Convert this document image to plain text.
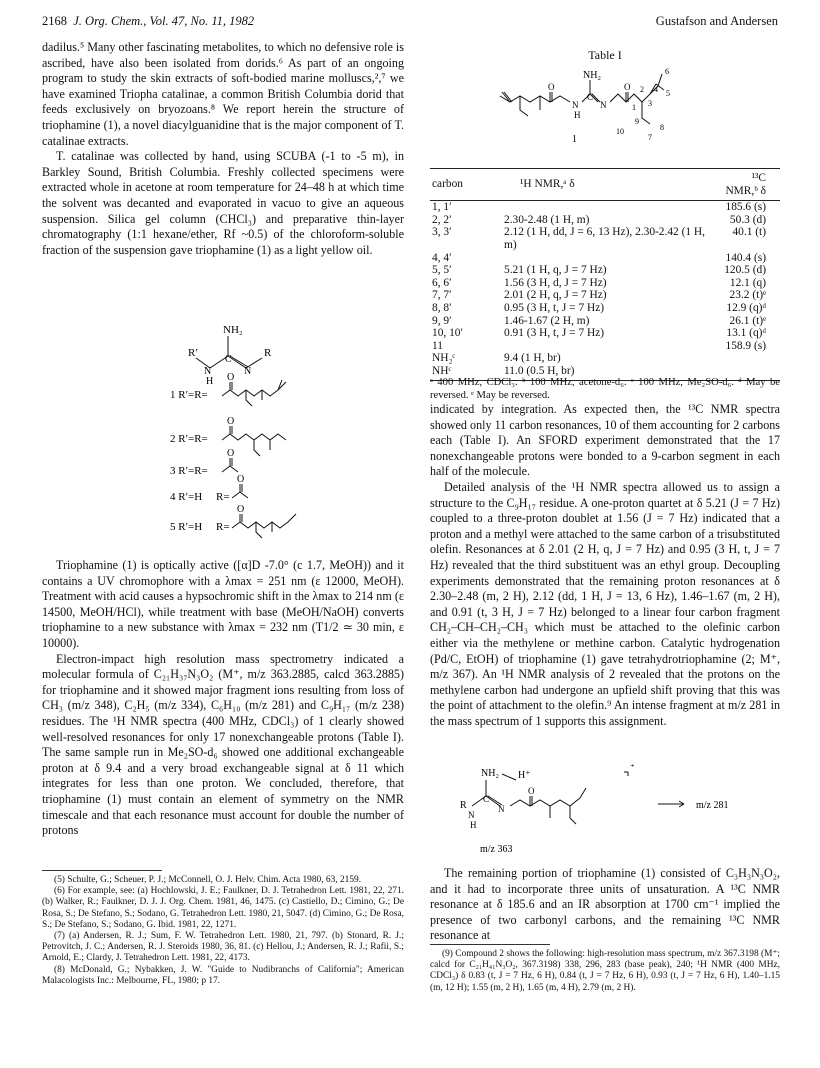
2168 J. Org. Chem., Vol. 47, No. 11, 1982	Gustafson and Andersen

dadilus.⁵ Many other fascinating metabolites, to which no defensive role is ascribed, have also been isolated from dorids.⁶ As part of an ongoing program to study the skin extracts of soft-bodied marine molluscs,²,⁷ we have examined Triopha catalinae, a common British Columbia dorid that feeds exclusively on bryozoans.⁸ We report herein the structure of triophamine (1), a novel diacylguanidine that is the major component of T. catalinae extracts.

T. catalinae was collected by hand, using SCUBA (-1 to -5 m), in Barkley Sound, British Columbia. Freshly collected specimens were extracted whole in acetone at room temperature for 24–48 h at which time the solvent was decanted and evaporated in vacuo to give an aqueous suspension. Silica gel column (CHCl₃) and preparative thin-layer chromatography (1:1 hexane/ether, Rf ~0.5) of the chloroform-soluble fraction of the suspension gave triophamine (1) as a light yellow oil.

NH₂
C
R′	R
N	N
H
1 R′=R=
O
2 R′=R=
O
3 R′=R=
O
4 R′=H R=
O
5 R′=H R=
O

Triophamine (1) is optically active ([α]D -7.0° (c 1.7, MeOH)) and it contains a UV chromophore with a λmax = 251 nm (ε 12000, MeOH). Treatment with acid causes a hypsochromic shift in the λmax to 214 nm (ε 14500, MeOH/HCl), while treatment with base (MeOH/NaOH) converts triophamine to a new substance with λmax = 232 nm (T1/2 ≃ 30 min, ε 10000).

Electron-impact high resolution mass spectrometry indicated a molecular formula of C₂₁H₃₇N₃O₂ (M⁺, m/z 363.2885, calcd 363.2885) for triophamine and it showed major fragment ions resulting from loss of CH₃ (m/z 348), C₂H₅ (m/z 334), C₆H₁₀ (m/z 281) and C₉H₁₇ (m/z 238) residues. The ¹H NMR spectra (400 MHz, CDCl₃) of 1 clearly showed well-resolved resonances for only 17 nonexchangeable protons (Table I). The same sample run in Me₂SO-d₆ showed one additional exchangeable proton at δ 9.4 and a very broad exchangeable signal at δ 11 which integrates for less than one proton. We concluded, therefore, that triophamine (1) must contain an element of symmetry on the NMR timescale and that each resonance must account for double the number of protons

(5) Schulte, G.; Scheuer, P. J.; McConnell, O. J. Helv. Chim. Acta 1980, 63, 2159.

(6) For example, see: (a) Hochlowski, J. E.; Faulkner, D. J. Tetrahedron Lett. 1981, 22, 271. (b) Walker, R.; Faulkner, D. J. J. Org. Chem. 1981, 46, 1475. (c) Castiello, D.; Cimino, G.; De Rosa, S.; De Stefano, S.; Sodano, G. Tetrahedron Lett. 1980, 21, 5047. (d) Cimino, G.; De Rosa, S.; De Stefano, S.; Sodano, G. Ibid. 1981, 22, 1271.

(7) (a) Andersen, R. J.; Sum, F. W. Tetrahedron Lett. 1980, 21, 797. (b) Stonard, R. J.; Petrovitch, J. C.; Andersen, R. J. Steroids 1980, 36, 81. (c) Hellou, J.; Andersen, R. J.; Rafii, S.; Arnold, E.; Clardy, J. Tetrahedron Lett. 1981, 22, 4173.

(8) McDonald, G.; Nybakken, J. W. "Guide to Nudibranchs of California"; American Malacologists Inc.: Melbourne, FL, 1980; p 17.

Table I
NH₂
C
N N
H
O	O
1
2
3
4 5
6
7
8
9
10
1
carbon	¹H NMR,ᵃ δ	¹³C NMR,ᵇ δ
1, 1′		185.6 (s)
2, 2′	2.30-2.48 (1 H, m)	50.3 (d)
3, 3′	2.12 (1 H, dd, J = 6, 13 Hz), 2.30-2.42 (1 H, m)	40.1 (t)
4, 4′		140.4 (s)
5, 5′	5.21 (1 H, q, J = 7 Hz)	120.5 (d)
6, 6′	1.56 (3 H, d, J = 7 Hz)	12.1 (q)
7, 7′	2.01 (2 H, q, J = 7 Hz)	23.2 (t)ᵉ
8, 8′	0.95 (3 H, t, J = 7 Hz)	12.9 (q)ᵈ
9, 9′	1.46-1.67 (2 H, m)	26.1 (t)ᵉ
10, 10′	0.91 (3 H, t, J = 7 Hz)	13.1 (q)ᵈ
11		158.9 (s)
NH₂ᶜ	9.4 (1 H, br)	
NHᶜ	11.0 (0.5 H, br)	
ᵃ 400 MHz, CDCl₃. ᵇ 100 MHz, acetone-d₆. ᶜ 100 MHz, Me₂SO-d₆. ᵈ May be reversed. ᵉ May be reversed.

indicated by integration. As expected then, the ¹³C NMR spectra showed only 11 carbon resonances, 10 of them accounting for 2 carbons each (Table I). An SFORD experiment demonstrated that the 17 nonexchangeable protons were bonded to a 9-carbon segment in each half of the molecule.

Detailed analysis of the ¹H NMR spectra allowed us to assign a structure to the C₉H₁₇ residue. A one-proton quartet at δ 5.21 (J = 7 Hz) coupled to a three-proton doublet at 1.56 (J = 7 Hz) indicated that a proton and a methyl were attached to the same carbon of a trisubstituted olefin. Resonances at δ 2.01 (2 H, q, J = 7 Hz) and 0.95 (3 H, t, J = 7 Hz) revealed that the third substituent was an ethyl group. Decoupling experiments demonstrated that the remaining proton resonances at δ 2.30–2.48 (m, 2 H), 2.12 (dd, 1 H, J = 13, 6 Hz), 1.46–1.67 (m, 2 H), and 0.91 (t, 3 H, J = 7 Hz) belonged to a linear four carbon fragment CH₂–CH–CH₂–CH₃ which must be attached to the olefinic carbon either via the methylene or methine carbon. Catalytic hydrogenation (Pd/C, EtOH) of triophamine (1) gave tetrahydrotriophamine (2; M⁺, m/z 367). An ¹H NMR analysis of 2 revealed that the protons on the methylene carbon had undergone an upfield shift proving that this was the point of attachment to the olefin.⁹ An intense fragment at m/z 281 in the mass spectrum of 1 supports this assignment.

NH₂ H⁺
⁺
C
R	N
N
H
O
m/z 281
m/z 363

The remaining portion of triophamine (1) consisted of C₃H₃N₃O₂, and it had to incorporate three units of unsaturation. A ¹³C NMR resonance at δ 185.6 and an IR absorption at 1700 cm⁻¹ implied the presence of two carbonyl carbons, and the remaining ¹³C NMR resonance at

(9) Compound 2 shows the following: high-resolution mass spectrum, m/z 367.3198 (M⁺; calcd for C₂₁H₄₁N₃O₂, 367.3198) 338, 296, 283 (base peak), 240; ¹H NMR (400 MHz, CDCl₃) δ 0.83 (t, J = 7 Hz, 6 H), 0.84 (t, J = 7 Hz, 6 H), 0.93 (t, J = 7 Hz, 6 H), 1.40–1.15 (m, 12 H); 1.55 (m, 2 H), 1.65 (m, 4 H), 2.79 (m, 2 H).
